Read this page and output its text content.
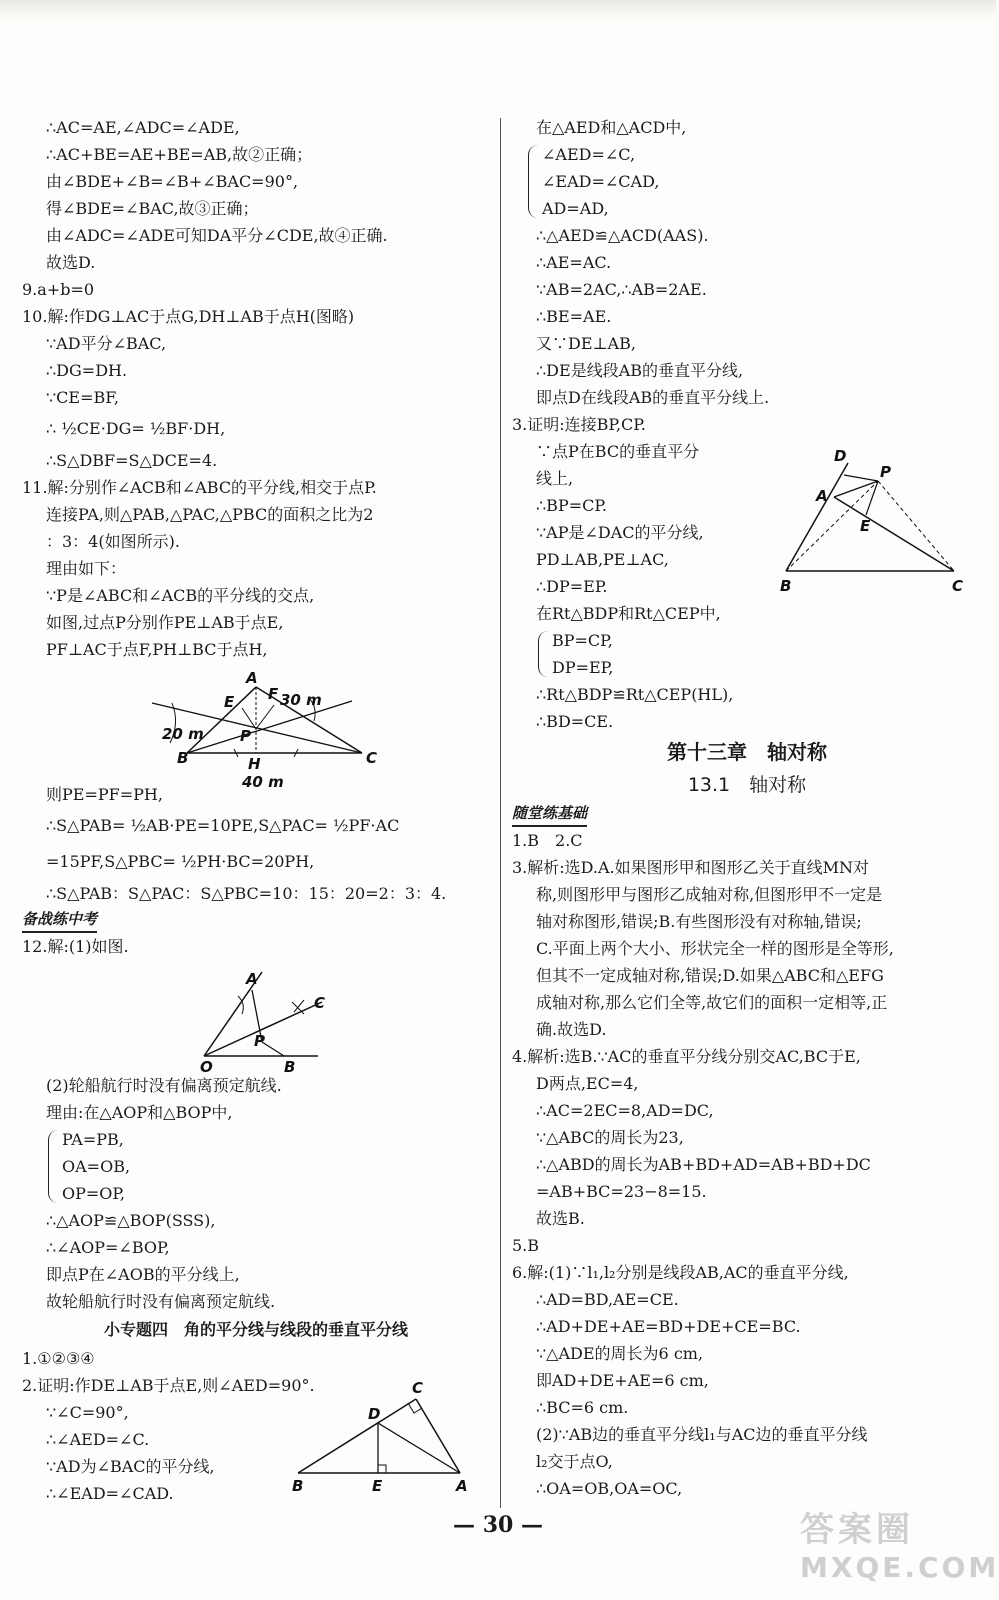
∴AC=AE,∠ADC=∠ADE,
∴AC+BE=AE+BE=AB,故②正确；
由∠BDE+∠B=∠B+∠BAC=90°,
得∠BDE=∠BAC,故③正确；
由∠ADC=∠ADE可知DA平分∠CDE,故④正确.
故选D.
9.a+b=0
10.解:作DG⊥AC于点G,DH⊥AB于点H(图略)
∵AD平分∠BAC,
∴DG=DH.
∵CE=BF,
∴ ½CE·DG= ½BF·DH,
∴S△DBF=S△DCE=4.
11.解:分别作∠ACB和∠ABC的平分线,相交于点P.
连接PA,则△PAB,△PAC,△PBC的面积之比为2
：3：4(如图所示).
理由如下：
∵P是∠ABC和∠ACB的平分线的交点,
如图,过点P分别作PE⊥AB于点E,
PF⊥AC于点F,PH⊥BC于点H,
A
B	C
E F
P
H
30 m
20 m
40 m
则PE=PF=PH,
∴S△PAB= ½AB·PE=10PE,S△PAC= ½PF·AC
=15PF,S△PBC= ½PH·BC=20PH,
∴S△PAB：S△PAC：S△PBC=10：15：20=2：3：4.
备战练中考
12.解:(1)如图.
A
C
P
O	B
(2)轮船航行时没有偏离预定航线.
理由:在△AOP和△BOP中,
PA=PB,
OA=OB,
OP=OP,
∴△AOP≌△BOP(SSS),
∴∠AOP=∠BOP,
即点P在∠AOB的平分线上,
故轮船航行时没有偏离预定航线.
小专题四　角的平分线与线段的垂直平分线
1.①②③④
2.证明:作DE⊥AB于点E,则∠AED=90°.
∵∠C=90°,
∴∠AED=∠C.
∵AD为∠BAC的平分线,
∴∠EAD=∠CAD.
C
D
B	E	A
在△AED和△ACD中,
∠AED=∠C,
∠EAD=∠CAD,
AD=AD,
∴△AED≌△ACD(AAS).
∴AE=AC.
∵AB=2AC,∴AB=2AE.
∴BE=AE.
又∵DE⊥AB,
∴DE是线段AB的垂直平分线,
即点D在线段AB的垂直平分线上.
3.证明:连接BP,CP.
∵点P在BC的垂直平分
线上,
∴BP=CP.
∵AP是∠DAC的平分线,
PD⊥AB,PE⊥AC,
∴DP=EP.
在Rt△BDP和Rt△CEP中,
D
P
A
E
B	C
BP=CP,
DP=EP,
∴Rt△BDP≌Rt△CEP(HL),
∴BD=CE.
第十三章　轴对称
13.1　轴对称
随堂练基础
1.B　2.C
3.解析:选D.A.如果图形甲和图形乙关于直线MN对
称,则图形甲与图形乙成轴对称,但图形甲不一定是
轴对称图形,错误;B.有些图形没有对称轴,错误;
C.平面上两个大小、形状完全一样的图形是全等形,
但其不一定成轴对称,错误;D.如果△ABC和△EFG
成轴对称,那么它们全等,故它们的面积一定相等,正
确.故选D.
4.解析:选B.∵AC的垂直平分线分别交AC,BC于E,
D两点,EC=4,
∴AC=2EC=8,AD=DC,
∵△ABC的周长为23,
∴△ABD的周长为AB+BD+AD=AB+BD+DC
=AB+BC=23−8=15.
故选B.
5.B
6.解:(1)∵l₁,l₂分别是线段AB,AC的垂直平分线,
∴AD=BD,AE=CE.
∴AD+DE+AE=BD+DE+CE=BC.
∵△ADE的周长为6 cm,
即AD+DE+AE=6 cm,
∴BC=6 cm.
(2)∵AB边的垂直平分线l₁与AC边的垂直平分线
l₂交于点O,
∴OA=OB,OA=OC,
— 30 —	答案圈
MXQE.COM
